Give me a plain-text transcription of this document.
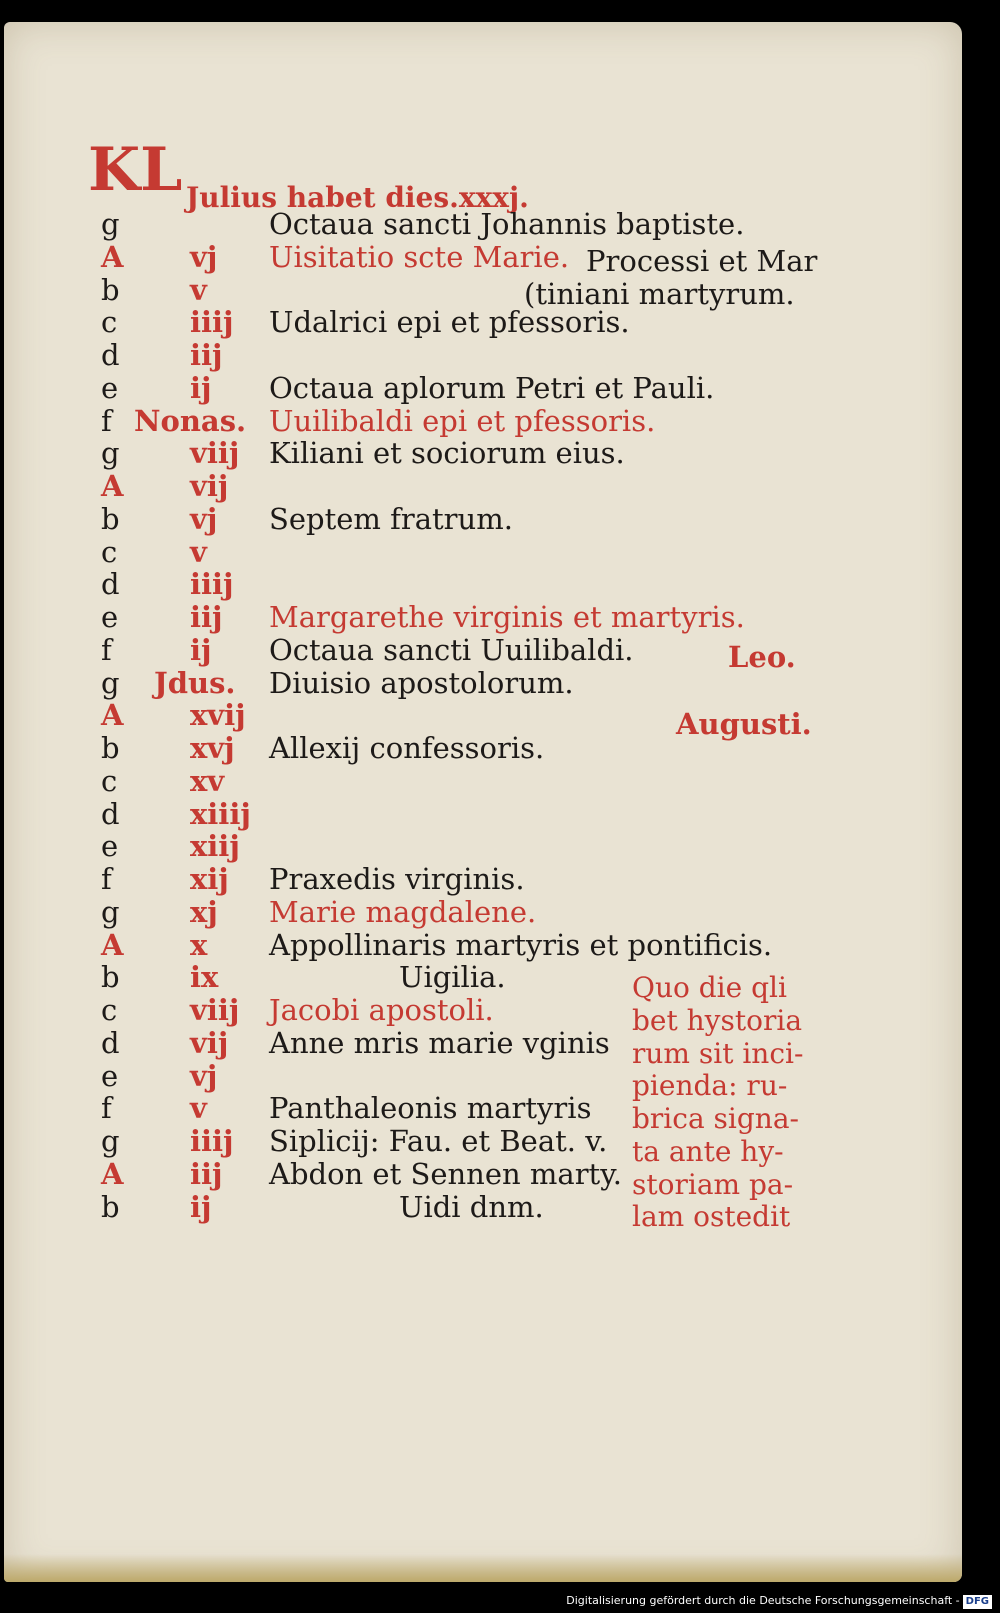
KL Julius habet dies.xxxj.
g	Octaua sancti Johannis baptiste.
A vj Uisitatio scte Marie.
b v
c	iiij Udalrici epi et pfessoris.
d iij
e ij Octaua aplorum Petri et Pauli.
f Nonas. Uuilibaldi epi et pfessoris.
g viij Kiliani et sociorum eius.
A vij
b vj Septem fratrum.
c	v
d iiij
e iij Margarethe virginis et martyris.
f	ij Octaua sancti Uuilibaldi.
g Jdus. Diuisio apostolorum.
A xvij
b xvj Allexij confessoris.
c	xv
d xiiij
e xiij
f	xij Praxedis virginis.
g xj Marie magdalene.
A x Appollinaris martyris et pontificis.
b ix	Uigilia.
c	viij Jacobi apostoli.
d vij Anne mris marie vginis
e vj
f	v Panthaleonis martyris
g iiij Siplicij: Fau. et Beat. v.
A iij Abdon et Sennen marty.
b ij	Uidi dnm.
Processi et Mar
(tiniani martyrum.
Leo.
Augusti.
Quo die qli
bet hystoria
rum sit inci-
pienda: ru-
brica signa-
ta ante hy-
storiam pa-
lam ostedit
Digitalisierung gefördert durch die Deutsche Forschungsgemeinschaft - DFG
